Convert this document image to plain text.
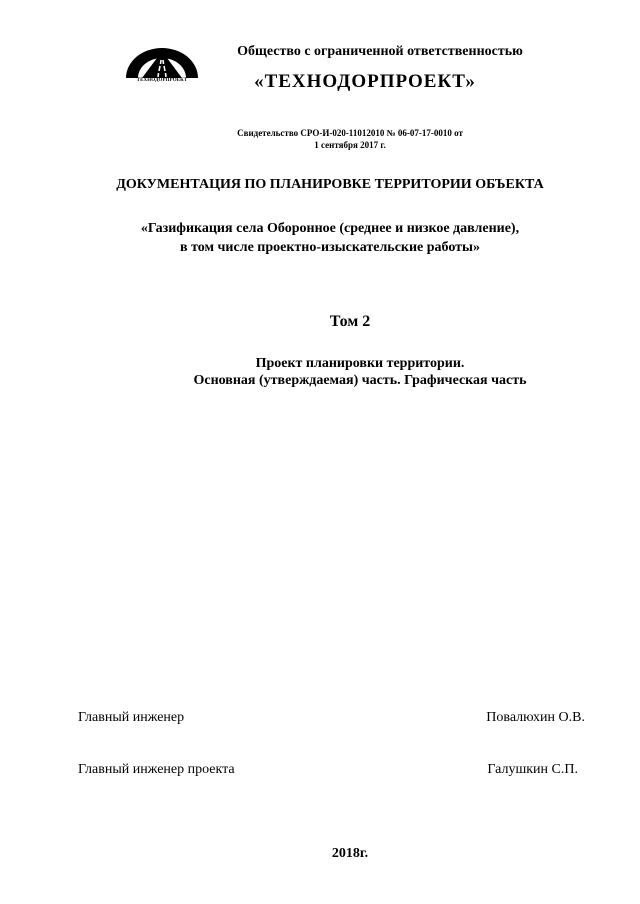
ТЕХНОДОРПРОЕКТ
Общество с ограниченной ответственностью
«ТЕХНОДОРПРОЕКТ»
Свидетельство СРО-И-020-11012010 № 06-07-17-0010 от
1 сентября 2017 г.
ДОКУМЕНТАЦИЯ ПО ПЛАНИРОВКЕ ТЕРРИТОРИИ ОБЪЕКТА
«Газификация села Оборонное (среднее и низкое давление),
в том числе проектно-изыскательские работы»
Том 2
Проект планировки территории.
Основная (утверждаемая) часть. Графическая часть
Главный инженер	Повалюхин О.В.
Главный инженер проекта	Галушкин С.П.
2018г.
